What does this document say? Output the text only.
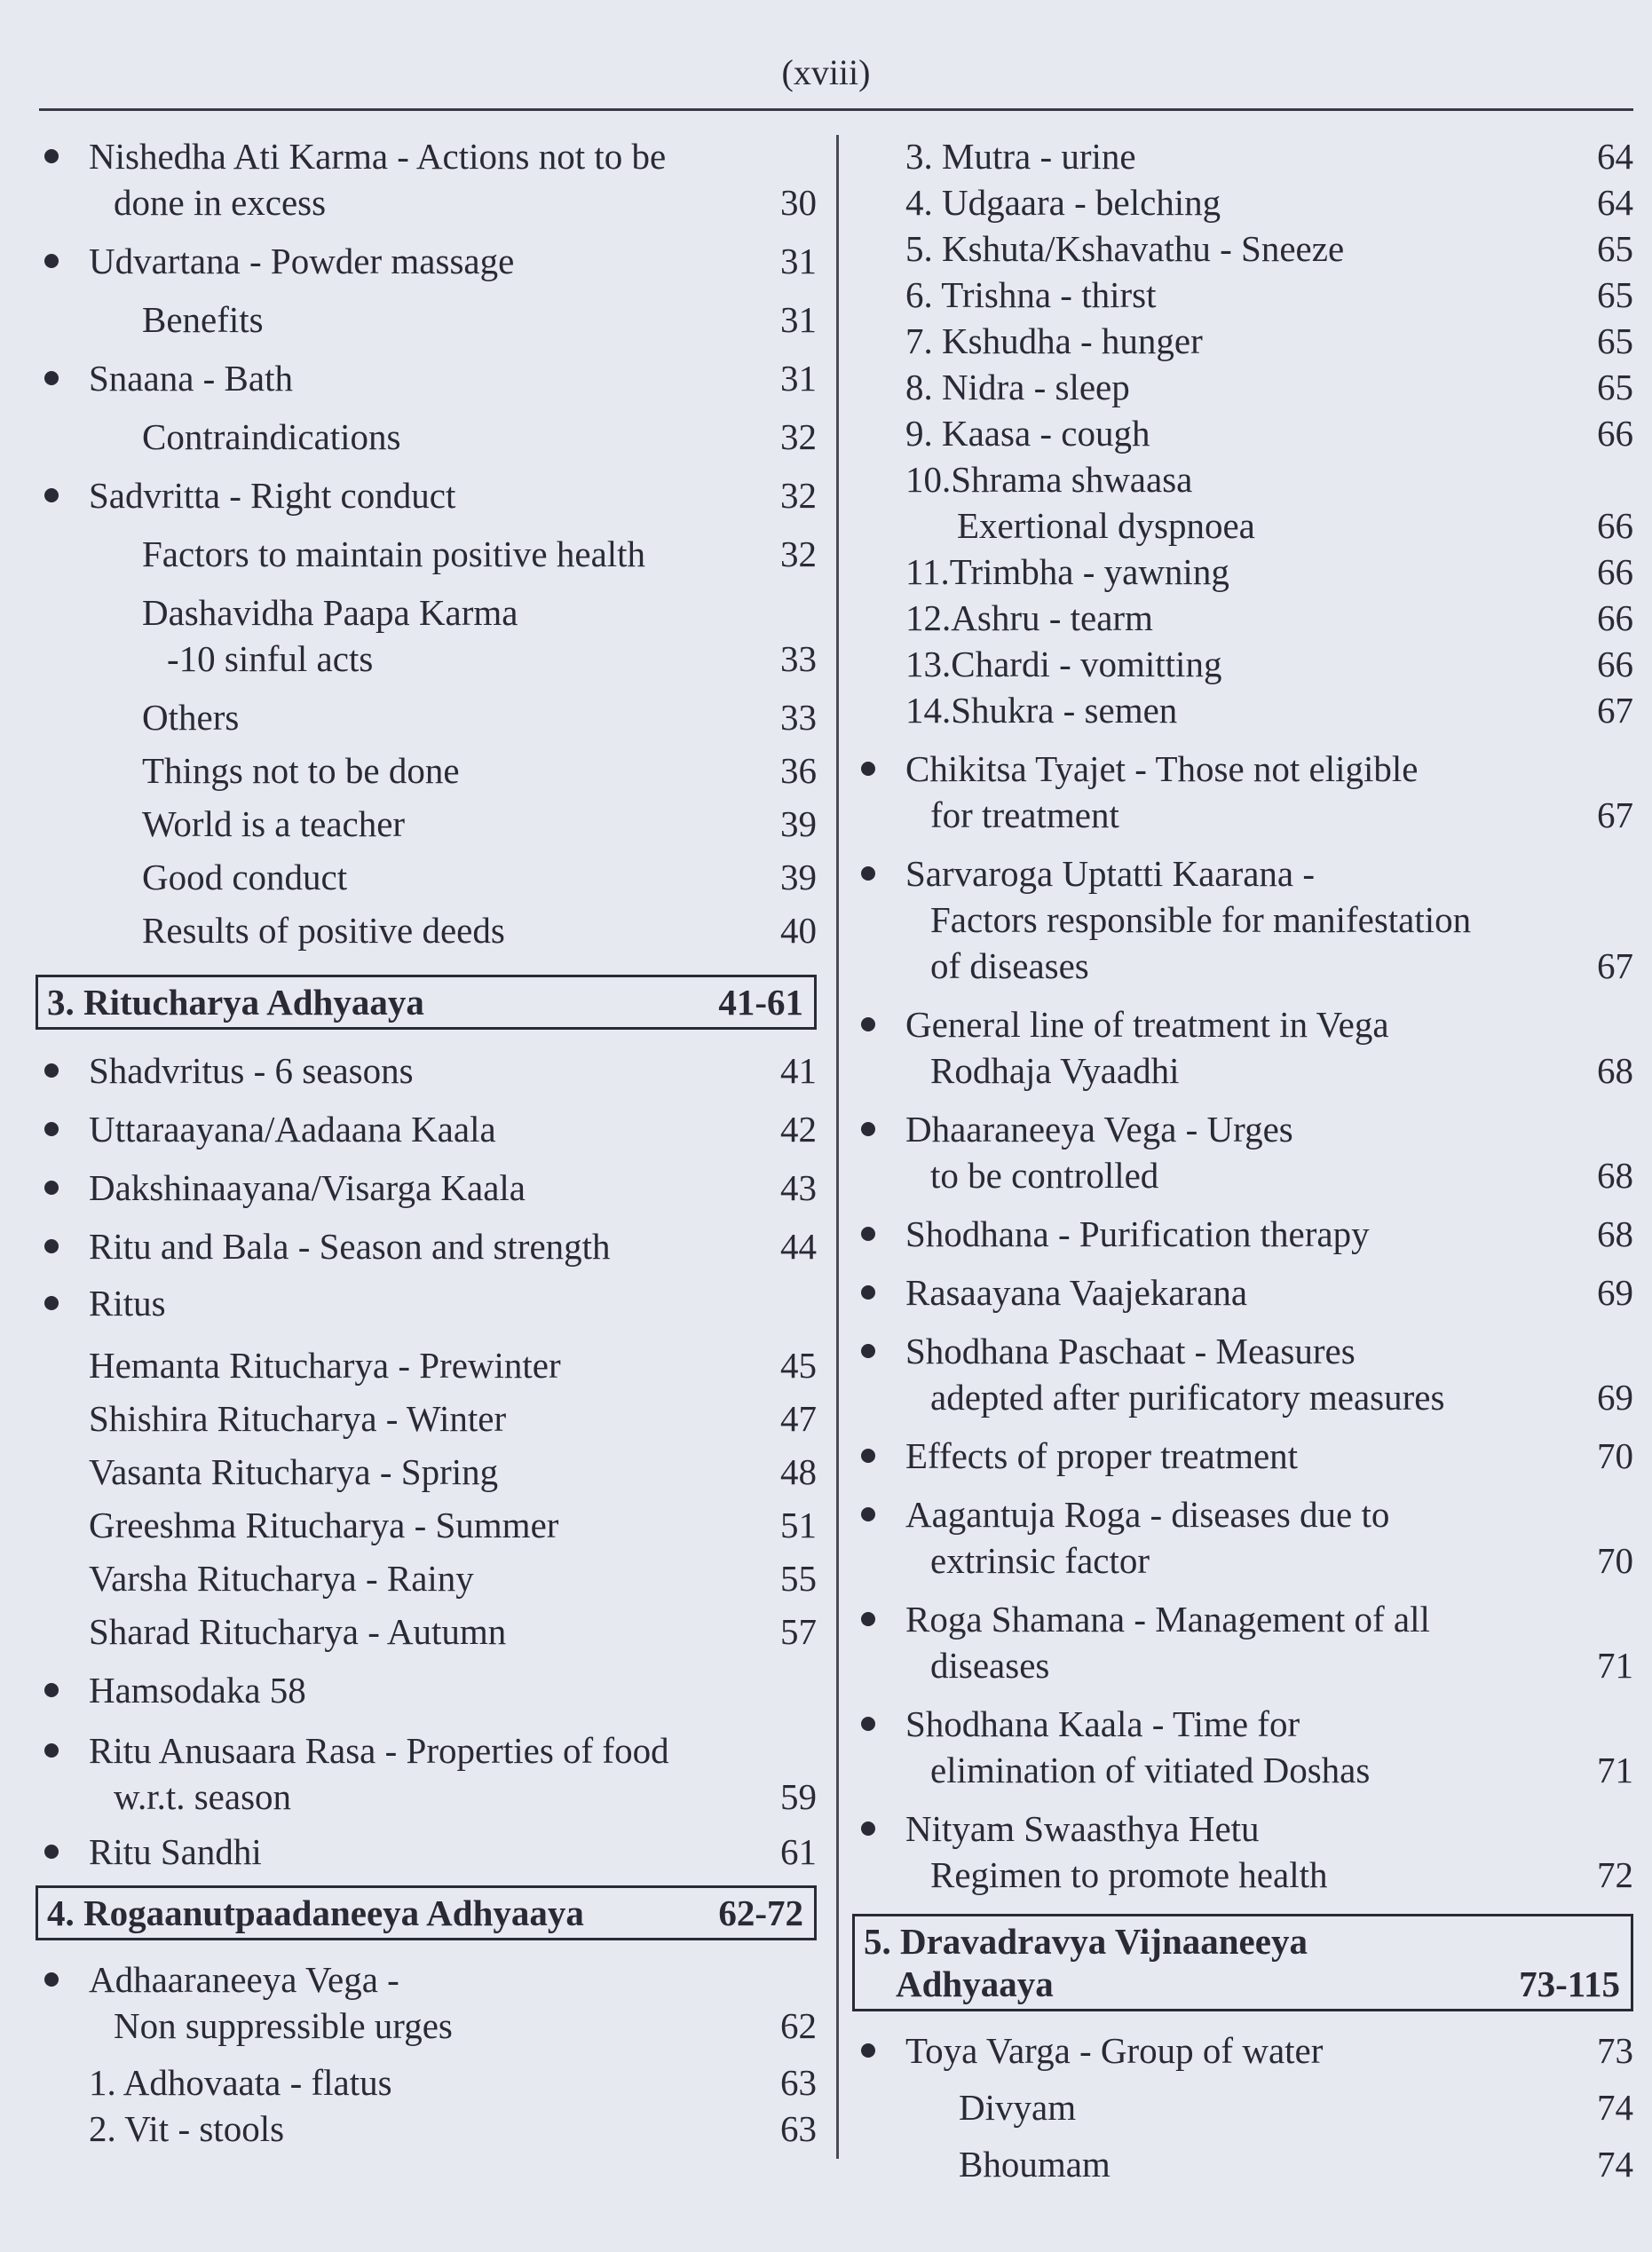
(xviii)
Nishedha Ati Karma - Actions not to be
done in excess	30
Udvartana - Powder massage	31
Benefits	31
Snaana - Bath	31
Contraindications	32
Sadvritta - Right conduct	32
Factors to maintain positive health	32
Dashavidha Paapa Karma
-10 sinful acts	33
Others	33
Things not to be done	36
World is a teacher	39
Good conduct	39
Results of positive deeds	40
3. Ritucharya Adhyaaya	41-61
Shadvritus - 6 seasons	41
Uttaraayana/Aadaana Kaala	42
Dakshinaayana/Visarga Kaala	43
Ritu and Bala - Season and strength	44
Ritus
Hemanta Ritucharya - Prewinter	45
Shishira Ritucharya - Winter	47
Vasanta Ritucharya - Spring	48
Greeshma Ritucharya - Summer	51
Varsha Ritucharya - Rainy	55
Sharad Ritucharya - Autumn	57
Hamsodaka 58
Ritu Anusaara Rasa - Properties of food
w.r.t. season	59
Ritu Sandhi	61
4. Rogaanutpaadaneeya Adhyaaya	62-72
Adhaaraneeya Vega -
Non suppressible urges	62
1. Adhovaata - flatus	63
2. Vit - stools	63
3. Mutra - urine	64
4. Udgaara - belching	64
5. Kshuta/Kshavathu - Sneeze	65
6. Trishna - thirst	65
7. Kshudha - hunger	65
8. Nidra - sleep	65
9. Kaasa - cough	66
10.Shrama shwaasa
Exertional dyspnoea	66
11.Trimbha - yawning	66
12.Ashru - tearm	66
13.Chardi - vomitting	66
14.Shukra - semen	67
Chikitsa Tyajet - Those not eligible
for treatment	67
Sarvaroga Uptatti Kaarana -
Factors responsible for manifestation
of diseases	67
General line of treatment in Vega
Rodhaja Vyaadhi	68
Dhaaraneeya Vega - Urges
to be controlled	68
Shodhana - Purification therapy	68
Rasaayana Vaajekarana	69
Shodhana Paschaat - Measures
adepted after purificatory measures	69
Effects of proper treatment	70
Aagantuja Roga - diseases due to
extrinsic factor	70
Roga Shamana - Management of all
diseases	71
Shodhana Kaala - Time for
elimination of vitiated Doshas	71
Nityam Swaasthya Hetu
Regimen to promote health	72
5. Dravadravya Vijnaaneeya
Adhyaaya	73-115
Toya Varga - Group of water	73
Divyam	74
Bhoumam	74
